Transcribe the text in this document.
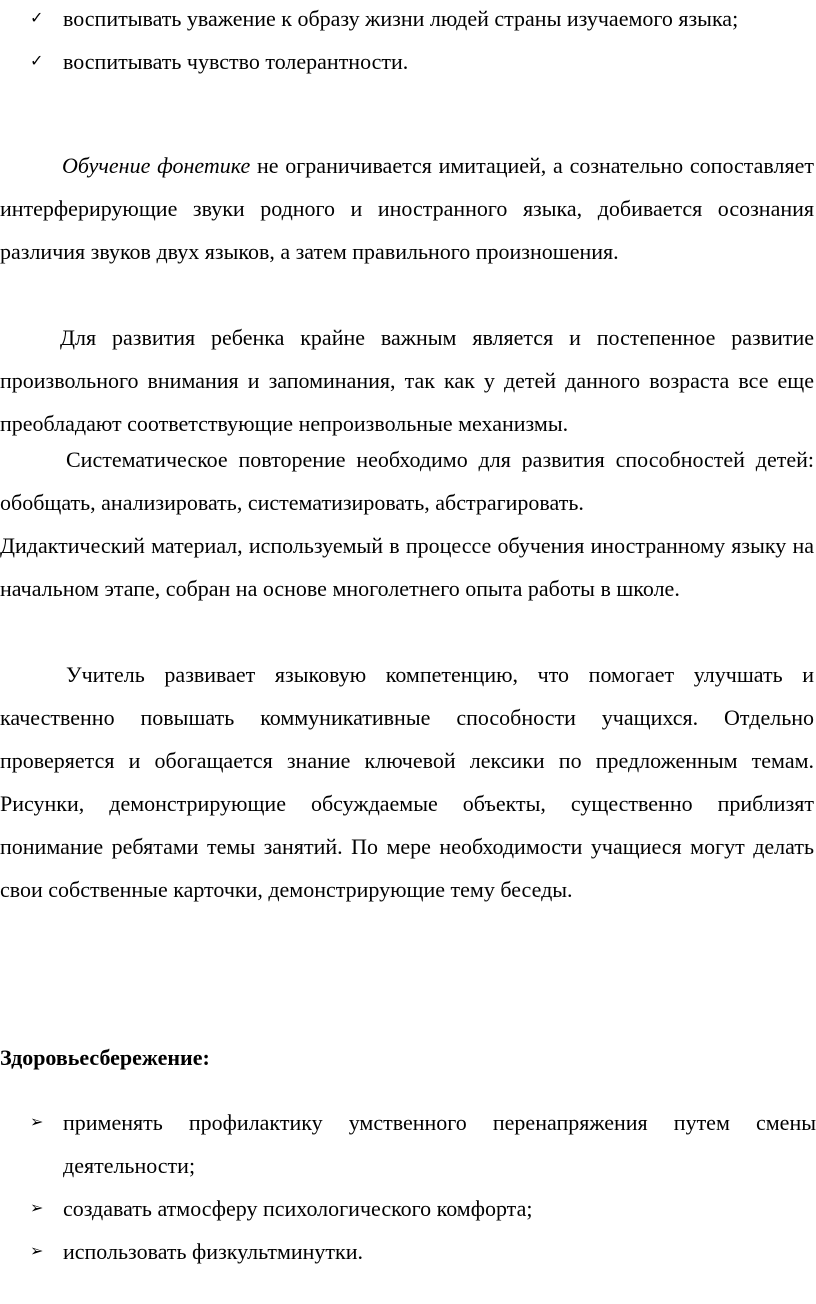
✓ воспитывать уважение к образу жизни людей страны изучаемого языка;
✓ воспитывать чувство толерантности.

Обучение фонетике не ограничивается имитацией, а сознательно сопоставляет интерферирующие звуки родного и иностранного языка, добивается осознания различия звуков двух языков, а затем правильного произношения.

Для развития ребенка крайне важным является и постепенное развитие произвольного внимания и запоминания, так как у детей данного возраста все еще преобладают соответствующие непроизвольные механизмы.

Систематическое повторение необходимо для развития способностей детей: обобщать, анализировать, систематизировать, абстрагировать.

Дидактический материал, используемый в процессе обучения иностранному языку на начальном этапе, собран на основе многолетнего опыта работы в школе.

Учитель развивает языковую компетенцию, что помогает улучшать и качественно повышать коммуникативные способности учащихся. Отдельно проверяется и обогащается знание ключевой лексики по предложенным темам. Рисунки, демонстрирующие обсуждаемые объекты, существенно приблизят понимание ребятами темы занятий. По мере необходимости учащиеся могут делать свои собственные карточки, демонстрирующие тему беседы.

Здоровьесбережение:

➢ применять профилактику умственного перенапряжения путем смены деятельности;
➢ создавать атмосферу психологического комфорта;
➢ использовать физкультминутки.
